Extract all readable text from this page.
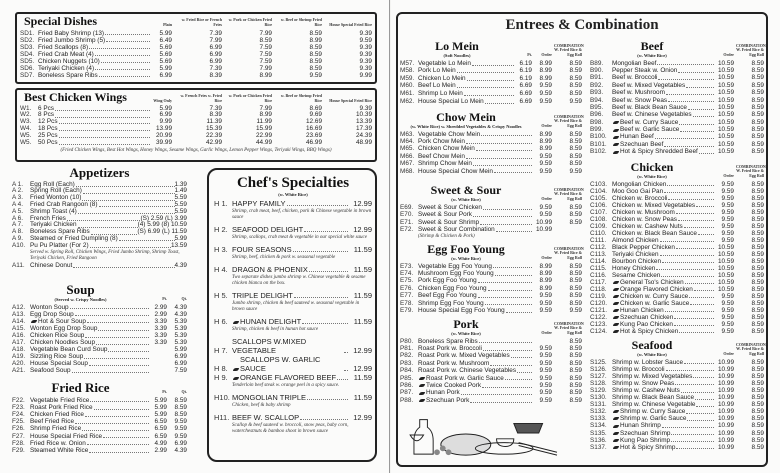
Entrees & Combination
Special Dishes	Plain
w. Fried Rice or French Fries
w. Pork or Chicken Fried Rice
w. Beef or Shrimp Fried Rice	House Special Fried Rice
SD1. Fried Baby Shrimp (13)	5.99	7.39	7.99	8.59	9.39
SD2. Fried Jumbo Shrimp (5)	6.49	7.99	8.59	8.99	9.59
SD3. Fried Scallops (8)	5.69	6.99	7.59	8.59	9.39
SD4. Fried Crab Meat (4)	5.69	6.99	7.59	8.59	9.39
SD5. Chicken Nuggets (10)	5.69	6.99	7.59	8.59	9.39
SD6. Teriyaki Chicken (4)	5.99	7.39	7.99	8.59	9.39
SD7. Boneless Spare Ribs	6.99	8.39	8.99	9.59	9.99
Best Chicken Wings	Wing Only
w. French Fries w. Fried Rice
w. Pork or Chicken Fried Rice
w. Beef or Shrimp Fried Rice	House Special Fried Rice
W1.	6 Pcs	5.99	7.39	7.99	8.69	9.39
W2.	8 Pcs	6.99	8.39	8.99	9.69	10.39
W3.	12 Pcs	9.99	11.39	11.99	12.69	13.39
W4.	18 Pcs	13.99	15.39	15.99	16.69	17.39
W5.	25 Pcs	20.99	22.39	22.99	23.69	24.39
W5.	50 Pcs	39.99	42.99	44.99	46.99	48.99
(Fried Chicken Wings, Best Hot Wings, Honey Wings, Sesame Wings, Garlic Wings, Lemon Pepper Wings, Teriyaki Wings, BBQ Wings)
Appetizers
A 1.	Egg Roll (Each)	1.39
A 2.	Spring Roll (Each)	1.49
A 3.	Fried Wonton (10)	5.59
A 4.	Fried Crab Rangoon (8)	5.59
A 5.	Shrimp Toast (4)	5.59
A 6.	French Fries	(S) 2.59 (L) 3.99
A 7.	Teriyaki Chicken	(4) 5.99 (8) 10.59
A 8.	Boneless Spare Ribs	(S) 6.99 (L) 11.59
A 9.	Steamed or Fried Dumpling (8)	5.99
A10. Pu Pu Platter (For 2)	13.59
Served w. Spring Roll, Chicken Wings, Fried Jumbo Shrimp, Shrimp Toast, Teriyaki Chicken, Fried Rangoon
A11. Chinese Donut	4.39
Soup
(Served w. Crispy Noodles)	Pt.	Qt.
A12. Wonton Soup	2.99	4.39
A13. Egg Drop Soup	2.99	4.39
A14.	Hot & Sour Soup	3.39	5.39
A15. Wonton Egg Drop Soup	3.39	5.39
A16. Chicken Rice Soup	3.39	5.39
A17. Chicken Noodles Soup	3.39	5.39
A18. Vegetable Bean Curd Soup	5.99
A19. Sizzling Rice Soup	6.99
A20. House Special Soup	6.99
A21. Seafood Soup	7.59
Fried Rice	Pt.	Qt.
F22. Vegetable Fried Rice	5.99	8.59
F23. Roast Pork Fried Rice	5.99	8.59
F24. Chicken Fried Rice	5.99	8.59
F25. Beef Fried Rice	6.59	9.59
F26. Shrimp Fried Rice	6.59	9.59
F27. House Special Fried Rice	6.59	9.59
F28. Fried Rice w. Onion	4.99	6.99
F29. Steamed White Rice	2.99	4.39
Chef's Specialties
(w. White Rice)
H 1. HAPPY FAMILY	12.99
Shrimp, crab meat, beef, chicken, pork & Chinese vegetable in brown sauce
H 2. SEAFOOD DELIGHT	12.99
Shrimp, scallops, crab meat & vegetable in our special white sauce
H 3. FOUR SEASONS	11.59
Shrimp, beef, chicken & pork w. seasonal vegetable
H 4. DRAGON & PHOENIX	11.59
Two separate dishes jumbo shrimp w. Chinese vegetable & sesame chicken blanca on the box.
H 5. TRIPLE DELIGHT	11.59
Jumbo shrimp, chicken & beef sauteed w. seasonal vegetable in brown sauce
H 6.	HUNAN DELIGHT	11.59
Shrimp, chicken & beef in hunan hot sauce
H 7.
SCALLOPS W.MIXED VEGETABLE	12.99
H 8.
SCALLOPS W. GARLIC SAUCE	12.99
H 9.	ORANGE FLAVORED BEEF	11.59
Tenderloin beef steak w. orange peel in a spicy sauce.
H10. MONGOLIAN TRIPLE	11.59
Chicken, beef & baby shrimp
H11. BEEF W. SCALLOP	12.99
Scallop & beef sauteed w. broccoli, snow peas, baby corn, waterchestnuts & bamboo shoot in brown sauce
Lo Mein
(Soft Noodles)	Pt.	Order
COMBINATION W. Fried Rice & Egg Roll
M57. Vegetable Lo Mein	6.19	8.99	8.59
M58. Pork Lo Mein	6.19	8.99	8.59
M59. Chicken Lo Mein	6.19	8.99	8.59
M60. Beef Lo Mein	6.69	9.59	8.59
M61. Shrimp Lo Mein	6.69	9.59	8.59
M62. House Special Lo Mein	6.69	9.59	9.59
Chow Mein
(w. White Rice) w. Shredded Vegetables & Crispy Noodles	Order
COMBINATION W. Fried Rice & Egg Roll
M63. Vegetable Chow Mein	8.99	8.59
M64. Pork Chow Mein	8.99	8.59
M65. Chicken Chow Mein	8.99	8.59
M66. Beef Chow Mein	9.59	8.59
M67. Shrimp Chow Mein	9.59	8.59
M68. House Special Chow Mein	9.59	9.59
Sweet & Sour
(w. White Rice)	Order
COMBINATION W. Fried Rice & Egg Roll
E69. Sweet & Sour Chicken	9.59	8.59
E70. Sweet & Sour Pork	9.59	8.59
E71. Sweet & Sour Shrimp	10.99	8.59
E72. Sweet & Sour Combination	10.99
(Shrimp & Chicken & Pork)
Egg Foo Young
(w. White Rice)	Order
COMBINATION W. Fried Rice & Egg Roll
E73. Vegetable Egg Foo Young	8.99	8.59
E74. Mushroom Egg Foo Young	8.99	8.59
E75. Pork Egg Foo Young	8.99	8.59
E76. Chicken Egg Foo Young	8.99	8.59
E77. Beef Egg Foo Young	9.59	8.59
E78. Shrimp Egg Foo Young	9.59	8.59
E79. House Special Egg Foo Young	9.59	9.59
Pork
(w. White Rice)	Order
COMBINATION W. Fried Rice & Egg Roll
P80. Boneless Spare Ribs	8.59
P81. Roast Pork w. Broccoli	9.59	8.59
P82. Roast Pork w. Mixed Vegetables	9.59	8.59
P83. Roast Pork w. Mushroom	9.59	8.59
P84. Roast Pork w. Chinese Vegetables	9.59	8.59
P85.	Roast Pork w. Garlic Sauce	9.59	8.59
P86.	Twice Cooked Pork	9.59	8.59
P87.	Hunan Pork	9.59	8.59
P88.	Szechuan Pork	9.59	8.59
Beef
(w. White Rice)	Order
COMBINATION W. Fried Rice & Egg Roll
B89.	Mongolian Beef	10.59	8.59
B90.	Pepper Steak w. Onion	10.59	8.59
B91.	Beef w. Broccoli	10.59	8.59
B92.	Beef w. Mixed Vegetables	10.59	8.59
B93.	Beef w. Mushroom	10.59	8.59
B94.	Beef w. Snow Peas	10.59	8.59
B95.	Beef w. Black Bean Sauce	10.59	8.59
B96.	Beef w. Chinese Vegetables	10.59	8.59
B98.	Beef w. Curry Sauce	10.59	8.59
B99.	Beef w. Garlic Sauce	10.59	8.59
B100.	Hunan Beef	10.59	8.59
B101.	Szechuan Beef	10.59	8.59
B102.	Hot & Spicy Shredded Beef	10.59	8.59
Chicken
(w. White Rice)	Order
COMBINATION W. Fried Rice & Egg Roll
C103. Mongolian Chicken	9.59	8.59
C104. Moo Goo Gai Pan	9.59	8.59
C105. Chicken w. Broccoli	9.59	8.59
C106. Chicken w. Mixed Vegetables	9.59	8.59
C107. Chicken w. Mushroom	9.59	8.59
C108. Chicken w. Snow Peas	9.59	8.59
C109. Chicken w. Cashew Nuts	9.59	8.59
C110. Chicken w. Black Bean Sauce	9.59	8.59
C111. Almond Chicken	9.59	8.59
C112. Black Pepper Chicken	10.59	8.59
C113. Teriyaki Chicken	10.59	8.59
C114. Bourbon Chicken	10.59	8.59
C115. Honey Chicken	10.59	8.59
C116. Sesame Chicken	10.59	8.59
C117.	General Tso's Chicken	10.59	8.59
C118.	Orange Flavored Chicken	10.59	8.59
C119.	Chicken w. Curry Sauce	9.59	8.59
C120.	Chicken w. Garlic Sauce	9.59	8.59
C121.	Hunan Chicken	9.59	8.59
C122.	Szechuan Chicken	9.59	8.59
C123.	Kung Pao Chicken	9.59	8.59
C124.	Hot & Spicy Chicken	9.59	8.59
Seafood
(w. White Rice)	Order
COMBINATION W. Fried Rice & Egg Roll
S125. Shrimp w. Lobster Sauce	10.99	8.59
S126. Shrimp w. Broccoli	10.99	8.59
S127. Shrimp w. Mixed Vegetables	10.99	8.59
S128. Shrimp w. Snow Peas	10.99	8.59
S129. Shrimp w. Cashew Nuts	10.99	8.59
S130. Shrimp w. Black Bean Sauce	10.99	8.59
S131. Shrimp w. Chinese Vegetable	10.99	8.59
S132.	Shrimp w. Curry Sauce	10.99	8.59
S133.	Shrimp w. Garlic Sauce	10.99	8.59
S134.	Hunan Shrimp	10.99	8.59
S135.	Szechuan Shrimp	10.99	8.59
S136.	Kung Pao Shrimp	10.99	8.59
S137.	Hot & Spicy Shrimp	10.99	8.59
